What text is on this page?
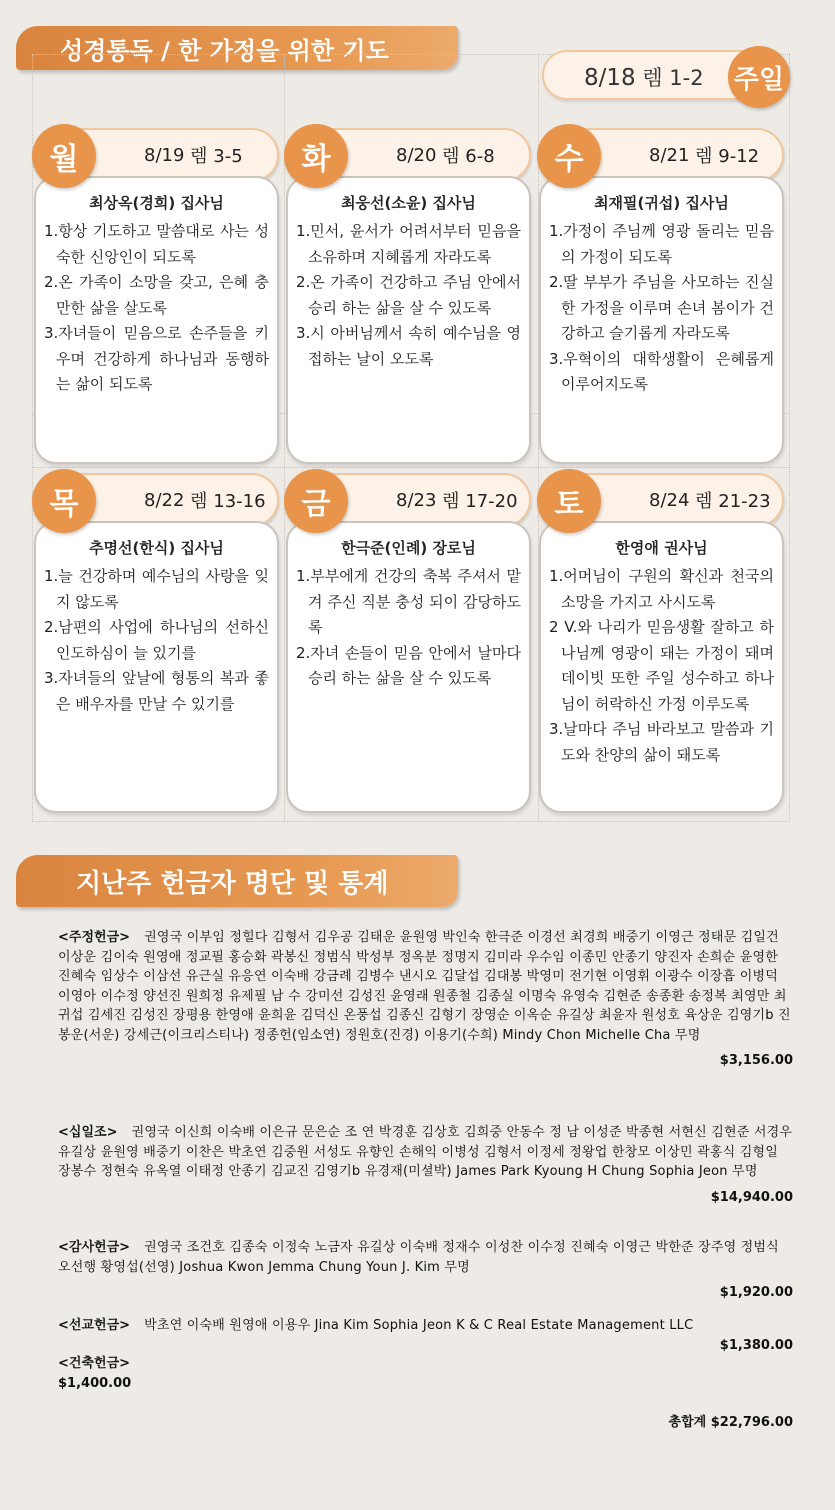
성경통독 / 한 가정을 위한 기도
8/18 렘 1-2 주일
8/19
렘 3-5
월
최상옥(경희) 집사님
1.항상 기도하고 말씀대로 사는 성숙한 신앙인이 되도록
2.온 가족이 소망을 갖고, 은혜 충만한 삶을 살도록
3.자녀들이 믿음으로 손주들을 키우며 건강하게 하나님과 동행하는 삶이 되도록
8/20
렘 6-8
화
최웅선(소윤) 집사님
1.민서, 윤서가 어려서부터 믿음을 소유하며 지혜롭게 자라도록
2.온 가족이 건강하고 주님 안에서 승리 하는 삶을 살 수 있도록
3.시 아버님께서 속히 예수님을 영접하는 날이 오도록
8/21
렘 9-12
수
최재필(귀섭) 집사님
1.가정이 주님께 영광 돌리는 믿음의 가정이 되도록
2.딸 부부가 주님을 사모하는 진실한 가정을 이루며 손녀 봄이가 건강하고 슬기롭게 자라도록
3.우혁이의 대학생활이 은혜롭게 이루어지도록
8/22
렘 13-16
목
추명선(한식) 집사님
1.늘 건강하며 예수님의 사랑을 잊지 않도록
2.남편의 사업에 하나님의 선하신 인도하심이 늘 있기를
3.자녀들의 앞날에 형통의 복과 좋은 배우자를 만날 수 있기를
8/23
렘 17-20
금
한극준(인례) 장로님
1.부부에게 건강의 축복 주셔서 맡겨 주신 직분 충성 되이 감당하도록
2.자녀 손들이 믿음 안에서 날마다 승리 하는 삶을 살 수 있도록
8/24
렘 21-23
토
한영애 권사님
1.어머님이 구원의 확신과 천국의 소망을 가지고 사시도록
2 V.와 나리가 믿음생활 잘하고 하나님께 영광이 돼는 가정이 돼며 데이빗 또한 주일 성수하고 하나님이 허락하신 가정 이루도록
3.날마다 주님 바라보고 말씀과 기도와 찬양의 삶이 돼도록
지난주 헌금자 명단 및 통계
<주정헌금> 권영국 이부임 정힐다 김형서 김우공 김태운 윤원영 박인숙 한극준 이경선 최경희 배중기 이영근 정태문 김일건 이상운 김이숙 원영애 정교필 홍승화 곽봉신 정범식 박성부 정옥분 정명지 김미라 우수임 이종민 안종기 양진자 손희순 윤영한 진혜숙 임상수 이삼선 유근실 유응연 이숙배 강금례 김병수 낸시오 김달섭 김대봉 박영미 전기현 이영휘 이광수 이장흡 이병덕 이영아 이수정 양선진 원희정 유제필 남 수 강미선 김성진 윤영래 원종철 김종실 이명숙 유영숙 김현준 송종환 송정복 최영만 최귀섭 김세진 김성진 장평용 한영애 윤희윤 김덕신 온풍섭 김종신 김형기 장영순 이옥순 유길상 최윤자 원성호 육상운 김영기b 진봉운(서운) 강세근(이크리스티나) 정종헌(임소연) 정원호(진경) 이용기(수희) Mindy Chon Michelle Cha 무명
$3,156.00
<십일조> 권영국 이신희 이숙배 이은규 문은순 조 연 박경훈 김상호 김희중 안동수 정 남 이성준 박종현 서현신 김현준 서경우 유길상 윤원영 배중기 이찬은 박초연 김중원 서성도 유향인 손해익 이병성 김형서 이정세 정왕업 한창모 이상민 곽홍식 김형일 장봉수 정현숙 유옥열 이태정 안종기 김교진 김영기b 유경재(미셜박) James Park Kyoung H Chung Sophia Jeon 무명
$14,940.00
<감사헌금> 권영국 조건호 김종숙 이정숙 노금자 유길상 이숙배 정재수 이성찬 이수정 진혜숙 이영근 박한준 장주영 정범식 오선행 황영섭(선영) Joshua Kwon Jemma Chung Youn J. Kim 무명
$1,920.00
<선교헌금> 박초연 이숙배 원영애 이용우 Jina Kim Sophia Jeon K & C Real Estate Management LLC
$1,380.00
<건축헌금>
$1,400.00
총합계 $22,796.00
